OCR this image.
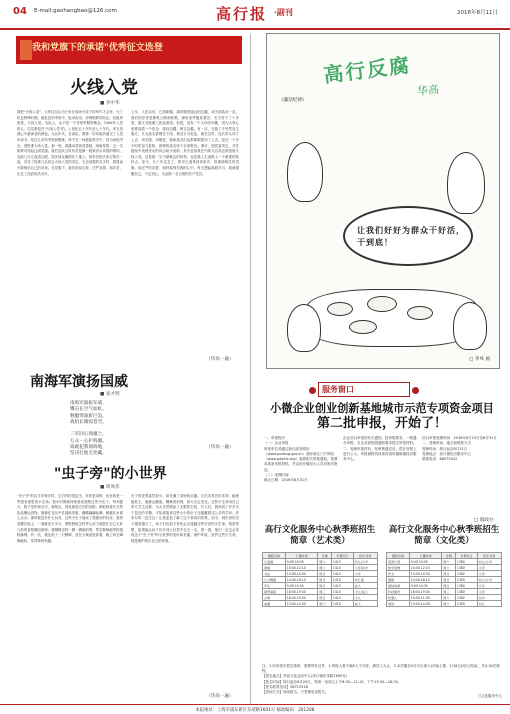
04 E-mail:gaohangbao@126.com	高行报 ·副刊	2016年8月11日
我和党旗下的承诺"优秀征文选登
火线入党
■ 李中华
我把"火线入党"，大家往往认为只有在战场火线下的军代才会有，为了纪念特殊时期，最危急的考验中，挺身而出、冲锋陷阵的同志，经组织批准，火线入党。实际上，从不是一个非常时期的概念。1966年入党的人，往往都是在"火线入党"的。上世纪五十年代至七十年代，军衣是我心中最神圣的颜色。当兵年代，在部队，我第一次向组织递交了入党申请书。经过几年的考验和锻炼，终于在一场抢险救灾中，因为表现突出，被批准火线入党。那一刻，我激动得热泪盈眶，暗暗发誓：这一生都要对得起这面党旗。我们连队当时负责抢修一段被洪水冲毁的堤坝，连续几天几夜没合眼，很多战友累倒在工地上。指导员把大家召集在一起，宣布了批准几名同志火线入党的决定，当念到我的名字时，我简直不敢相信自己的耳朵。在党旗下，我们举起右拳，庄严宣誓。那声音，压过了滔滔的洪水声。
七年，入伍以后，已到新疆，那时服役遥远的边疆，成为部队的一员。我们的任务是修筑公路和铁路，那里条件极其艰苦，冬天零下三十多度，夏天戈壁滩上热浪滚滚。但是，没有一个人叫苦叫累，因为大家心里都装着一个信念：建设边疆，保卫边疆。有一次，在施工中突然发生塌方，几名战友被埋在下面，情况万分危急。就在这时，连长带头冲了上去，用手刨，用锹挖，我和战友们也都紧跟着冲了上去。经过一个多小时的奋力抢救，被埋的战友终于全部救出。事后，团党委决定，对在抢险中表现突出的同志给予表彰，其中包括我在内的几名同志被批准火线入党。这是我一生中最难忘的时刻，也是我人生道路上一个重要的转折点。如今，几十年过去了，我早已退休回到家乡，但那面鲜红的党旗，那庄严的宣誓，始终铭刻在我的心中。每当想起那段岁月，我就提醒自己，不忘初心，永远做一名合格的共产党员。
（华高一遍）
南海军演扬国威
■ 张才明
南海军演振军威，
鹰击长空气如虹。
舰艇劈波斩巨浪，
战机长啸掠苍穹。

三军同心保疆土，
万众一心护海疆。
谁敢犯我领海地，
坚决打他无处藏。
（华高一遍）
"虫子旁"的小世界
■ 周凤伟
"虫子旁"的汉字多种多样，它们有的是昆虫，有的是动物，也有的是一些很有意思的小生命。我小时候就特别喜欢观察这些小虫子。每到夏天，院子里的草丛中、墙角边，到处都是它们的身影。蚂蚁排着长长的队伍搬运食物，蜜蜂在花丛中忙碌地采蜜，蝴蝶翩翩起舞，蜻蜓在水面上点水。那时候没有什么玩具，这些小虫子就成了我最好的玩伴。我常常蹲在地上，一看就是大半天，观察蚂蚁怎样齐心协力地把比自己大好几倍的食物搬回洞里；看蜘蛛怎样一圈一圈地织网，然后静静地等待猎物落网。有一次，我还抓了一只蟋蟀，放在火柴盒里养着，晚上听它唧唧地叫，觉得特别有趣。
虫子的世界虽然很小，却充满了奇妙和乐趣。它们各有各的本领：蚯蚓能松土，蜜蜂会酿蜜，蜘蛛善织网，萤火虫会发光。这些小生命用自己的方式生活着，为大自然增添了无限的生机。长大后，我读到了许多关于昆虫的书籍，才知道原来这些小小的虫子还蕴藏着这么多的学问。法布尔的《昆虫记》让我更加了解了这个神奇的世界。如今，城市里的虫子越来越少了，孩子们也很少有机会去接触这些可爱的小生命。我常常想，如果能让孩子们多到大自然中去走一走，看一看，他们一定也会发现这个"虫子旁"的小世界的美好和有趣。保护环境，爱护这些小生命，就是保护我们自己的家园。
（华高一遍）
高行反腐
华高
《廉洁纪律》
让我们好好为群众干好活，干到底！
□ 李凤 画
服务窗口
小微企业创业创新基地城市示范专项资金项目
第二批申报，开始了！
一、申报程序
（一）企业申报
申报单位须通过新区政务网站（www.pudong.gov.cn）浦东新区门户网站（www.pdsme.org）查看相关申报通知，按要求准备申报材料，并由所在镇经办人员初审后报送。
（二）受理时间
截止日期：2016年8月31日
企业项目申报的有关通知，按申报要求，一网通办申报。各企业需按照通知要求提交申报材料。二、受理申报材料，经审核通过后，将在官网上进行公示。申报流程具体请咨询所属街镇经济服务中心。
项目申报受理时间：2016年8月15日至8月31日
二、受理时间、地点和联系方式
受理时间：即日起至8月31日
受理地点：高行镇经济服务中心
联系电话：68075042
□ 镇政办
高行文化服务中心秋季班招生简章（艺术类）
高行文化服务中心秋季班招生简章（文化类）
课程名称	上课时间	日期	学费(元)	招生对象
儿童画	9:00-10:30	周六	1410	幼儿/小学
素描	10:40-12:10	周六	1410	小学/初中
书法	13:00-14:30	周日	1410	小学
少儿舞蹈	14:40-16:10	周日	1410	幼儿园
声乐	9:00-10:30	周日	1410	成人
钢琴基础	18:00-19:30	周三	1410	少儿/成人
古筝	18:00-19:30	周五	1410	少儿
油画	13:00-14:30	周六	1410	成人
课程名称	上课时间	日期	学费(元)	招生对象
英语口语	9:00-10:30	周六	1380	幼儿/小学
数学思维	10:40-12:10	周六	1380	小学
作文	13:00-14:30	周日	1380	小学
围棋	14:40-16:10	周日	1380	幼儿/小学
国际象棋	9:00-10:30	周日	1380	小学
科技制作	18:00-19:30	周三	1380	小学
机器人	10:00-11:30	周六	1380	初中
阅读	13:00-14:30	周六	1380	幼儿
注：1.所有班次招生简章，需要带好证件，2.每班人数不满5人不开班，满员人为止，3.本学期自9月3日(周六)开始上课，1月8日(周日)结束，共计16次课程。
【报名地点】华高文化活动中心(高行镇东靖路1600号)
【报名时间】即日起至8月20日，每周一至周五上午8:30—11:15，下午13:30—16:30。
【报名联系电话】58715316
【咨询方式】现场报名，不受理电话报名。
□文化服务中心
本报地址：上海市浦东新区东靖路1601号 邮政编码：201208
